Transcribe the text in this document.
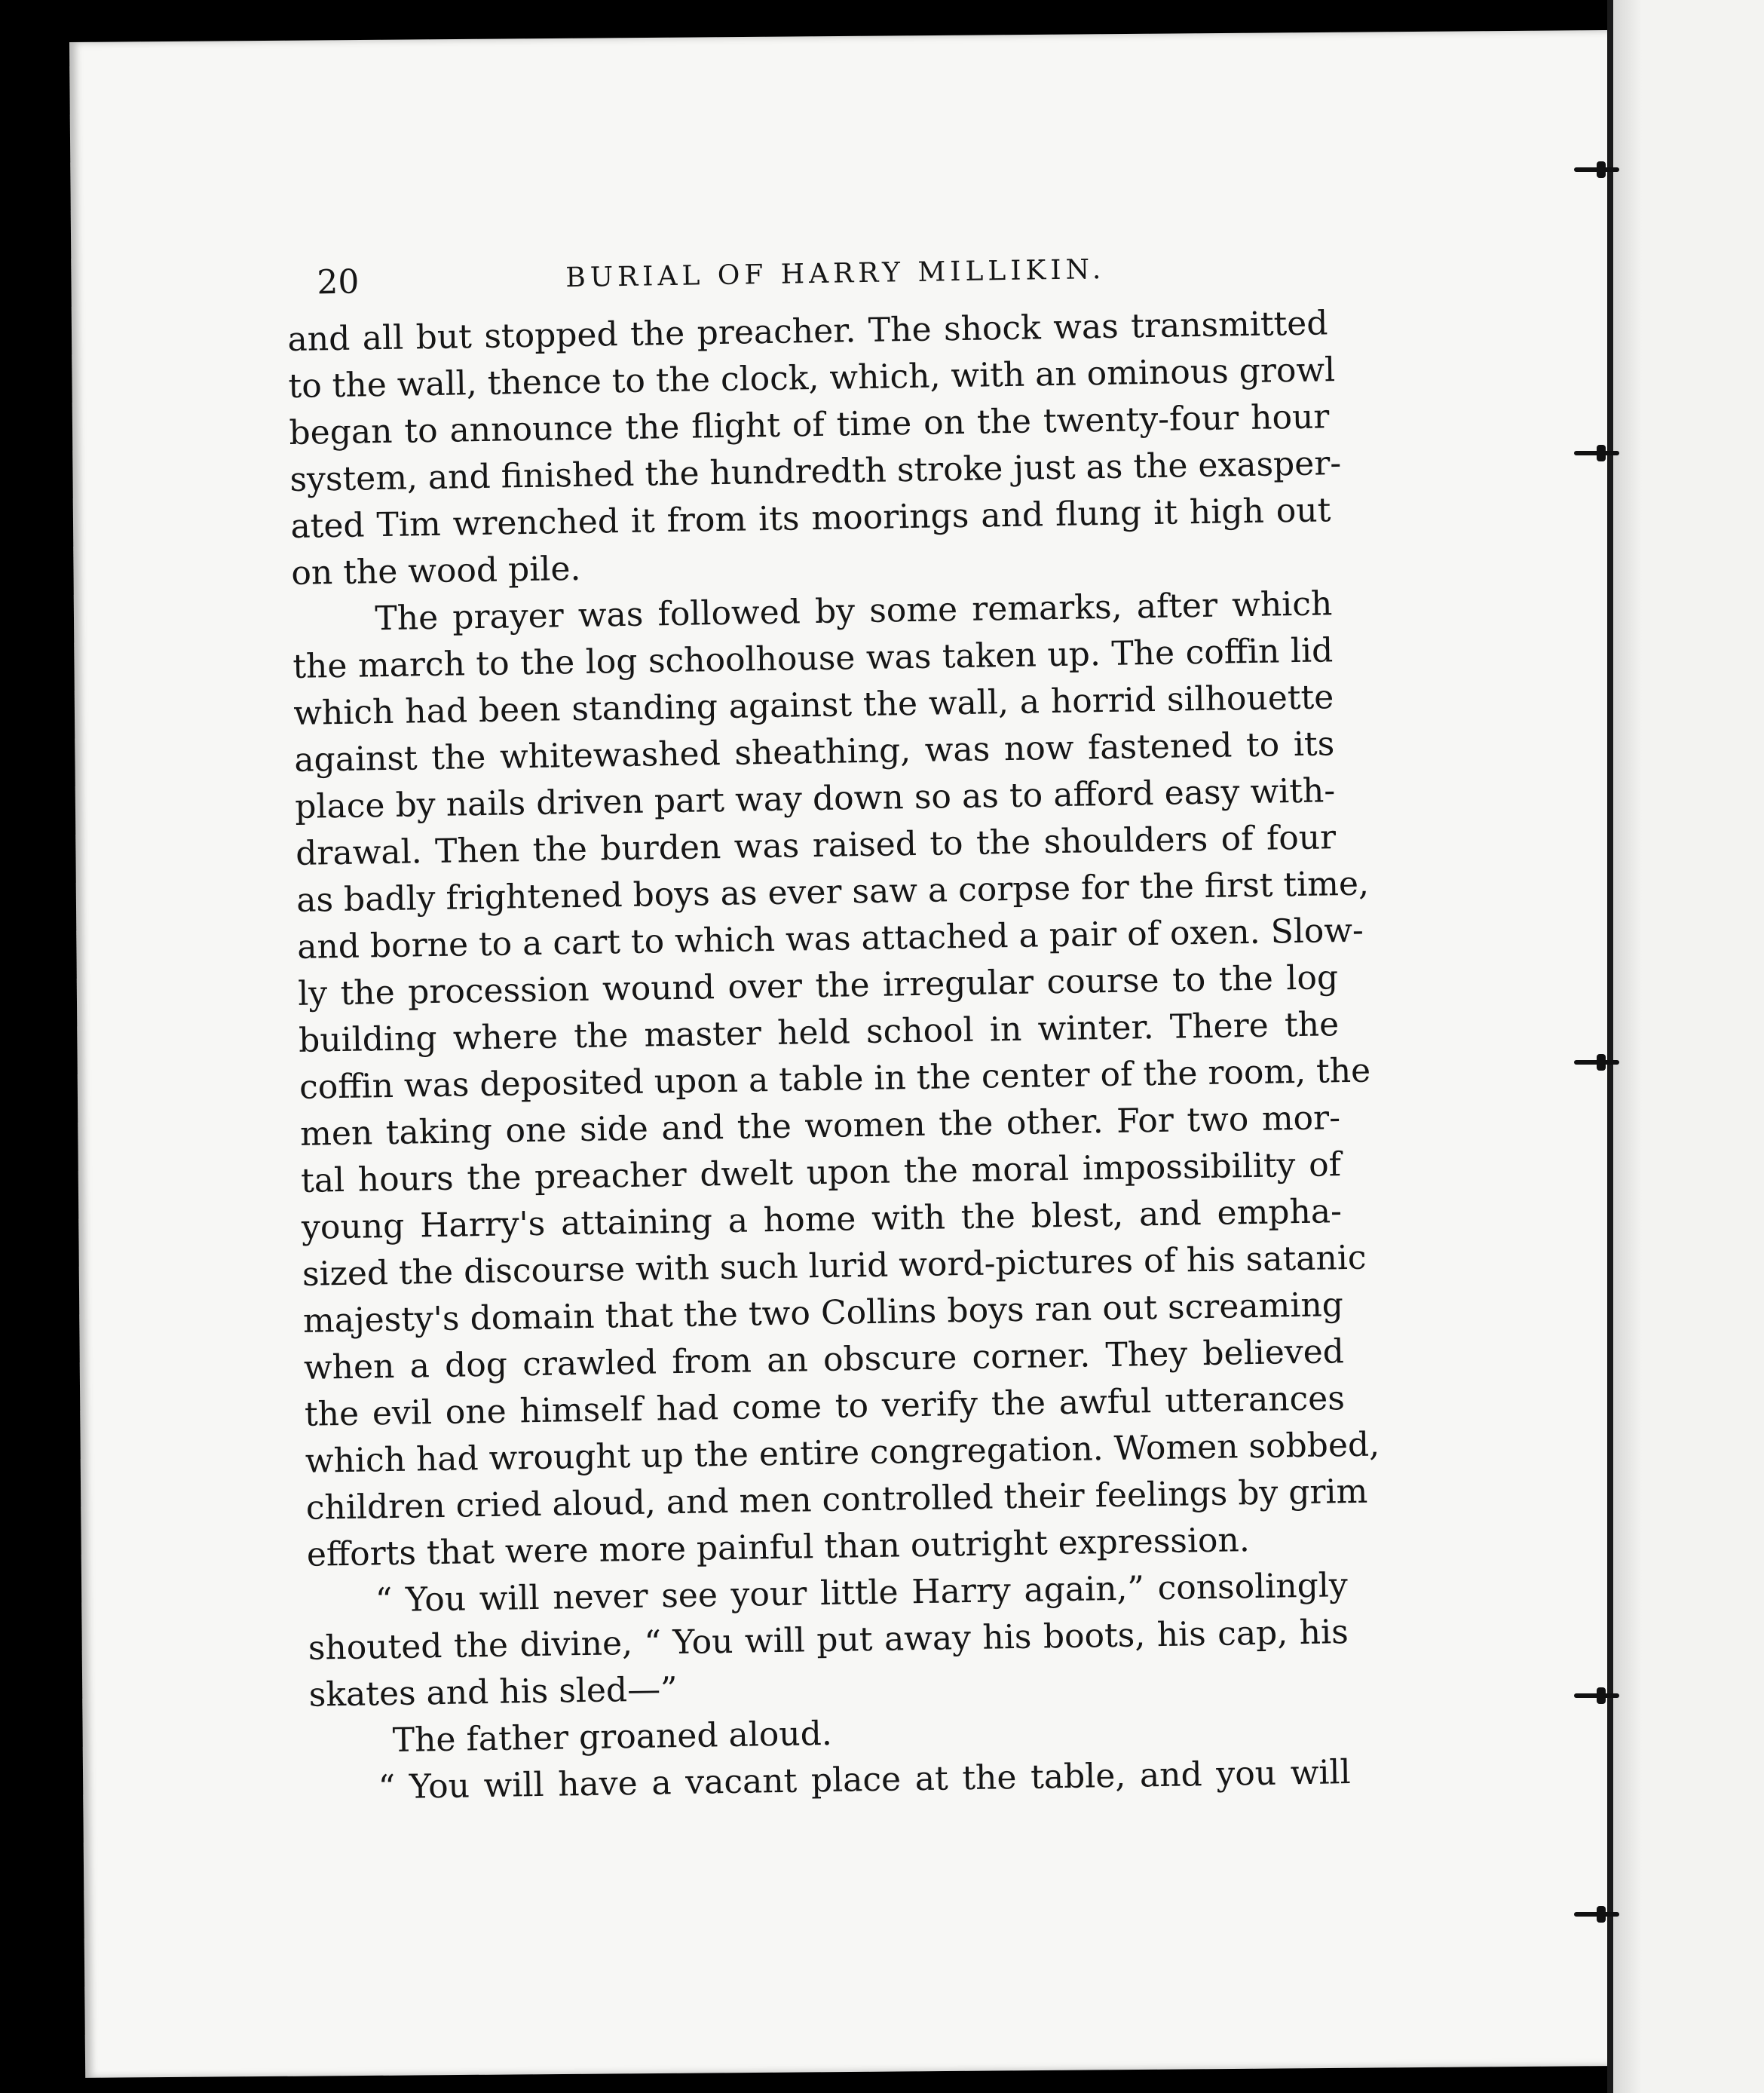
20	BURIAL OF HARRY MILLIKIN.
and all but stopped the preacher. The shock was transmitted
to the wall, thence to the clock, which, with an ominous growl
began to announce the flight of time on the twenty-four hour
system, and finished the hundredth stroke just as the exasper-
ated Tim wrenched it from its moorings and flung it high out
on the wood pile.
The prayer was followed by some remarks, after which
the march to the log schoolhouse was taken up. The coffin lid
which had been standing against the wall, a horrid silhouette
against the whitewashed sheathing, was now fastened to its
place by nails driven part way down so as to afford easy with-
drawal. Then the burden was raised to the shoulders of four
as badly frightened boys as ever saw a corpse for the first time,
and borne to a cart to which was attached a pair of oxen. Slow-
ly the procession wound over the irregular course to the log
building where the master held school in winter. There the
coffin was deposited upon a table in the center of the room, the
men taking one side and the women the other. For two mor-
tal hours the preacher dwelt upon the moral impossibility of
young Harry's attaining a home with the blest, and empha-
sized the discourse with such lurid word-pictures of his satanic
majesty's domain that the two Collins boys ran out screaming
when a dog crawled from an obscure corner. They believed
the evil one himself had come to verify the awful utterances
which had wrought up the entire congregation. Women sobbed,
children cried aloud, and men controlled their feelings by grim
efforts that were more painful than outright expression.
“ You will never see your little Harry again,” consolingly
shouted the divine, “ You will put away his boots, his cap, his
skates and his sled—”
The father groaned aloud.
“ You will have a vacant place at the table, and you will
